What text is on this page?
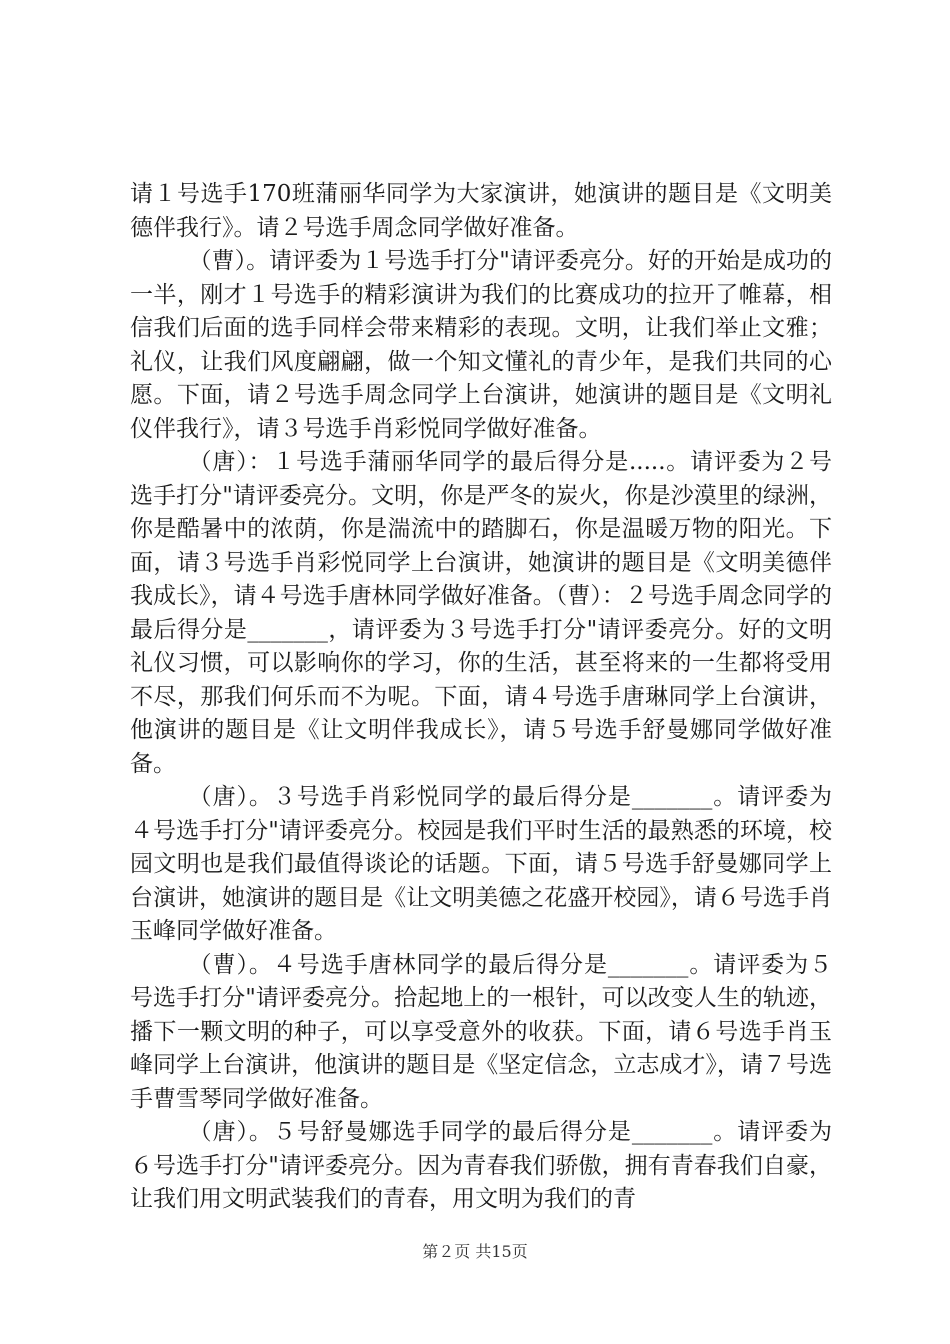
请１号选手170班蒲丽华同学为大家演讲，她演讲的题目是《文明美德伴我行》。请２号选手周念同学做好准备。

（曹）。请评委为１号选手打分"请评委亮分。好的开始是成功的一半，刚才１号选手的精彩演讲为我们的比赛成功的拉开了帷幕，相信我们后面的选手同样会带来精彩的表现。文明，让我们举止文雅；礼仪，让我们风度翩翩，做一个知文懂礼的青少年，是我们共同的心愿。下面，请２号选手周念同学上台演讲，她演讲的题目是《文明礼仪伴我行》，请３号选手肖彩悦同学做好准备。

（唐）：１号选手蒲丽华同学的最后得分是.....。请评委为２号选手打分"请评委亮分。文明，你是严冬的炭火，你是沙漠里的绿洲，你是酷暑中的浓荫，你是湍流中的踏脚石，你是温暖万物的阳光。下面，请３号选手肖彩悦同学上台演讲，她演讲的题目是《文明美德伴我成长》，请４号选手唐林同学做好准备。（曹）：２号选手周念同学的最后得分是_______，请评委为３号选手打分"请评委亮分。好的文明礼仪习惯，可以影响你的学习，你的生活，甚至将来的一生都将受用不尽，那我们何乐而不为呢。下面，请４号选手唐琳同学上台演讲，他演讲的题目是《让文明伴我成长》，请５号选手舒曼娜同学做好准备。

（唐）。３号选手肖彩悦同学的最后得分是_______。请评委为４号选手打分"请评委亮分。校园是我们平时生活的最熟悉的环境，校园文明也是我们最值得谈论的话题。下面，请５号选手舒曼娜同学上台演讲，她演讲的题目是《让文明美德之花盛开校园》，请６号选手肖玉峰同学做好准备。

（曹）。４号选手唐林同学的最后得分是_______。请评委为５号选手打分"请评委亮分。拾起地上的一根针，可以改变人生的轨迹，播下一颗文明的种子，可以享受意外的收获。下面，请６号选手肖玉峰同学上台演讲，他演讲的题目是《坚定信念，立志成才》，请７号选手曹雪琴同学做好准备。

（唐）。５号舒曼娜选手同学的最后得分是_______。请评委为６号选手打分"请评委亮分。因为青春我们骄傲，拥有青春我们自豪，让我们用文明武装我们的青春，用文明为我们的青

第２页 共15页
